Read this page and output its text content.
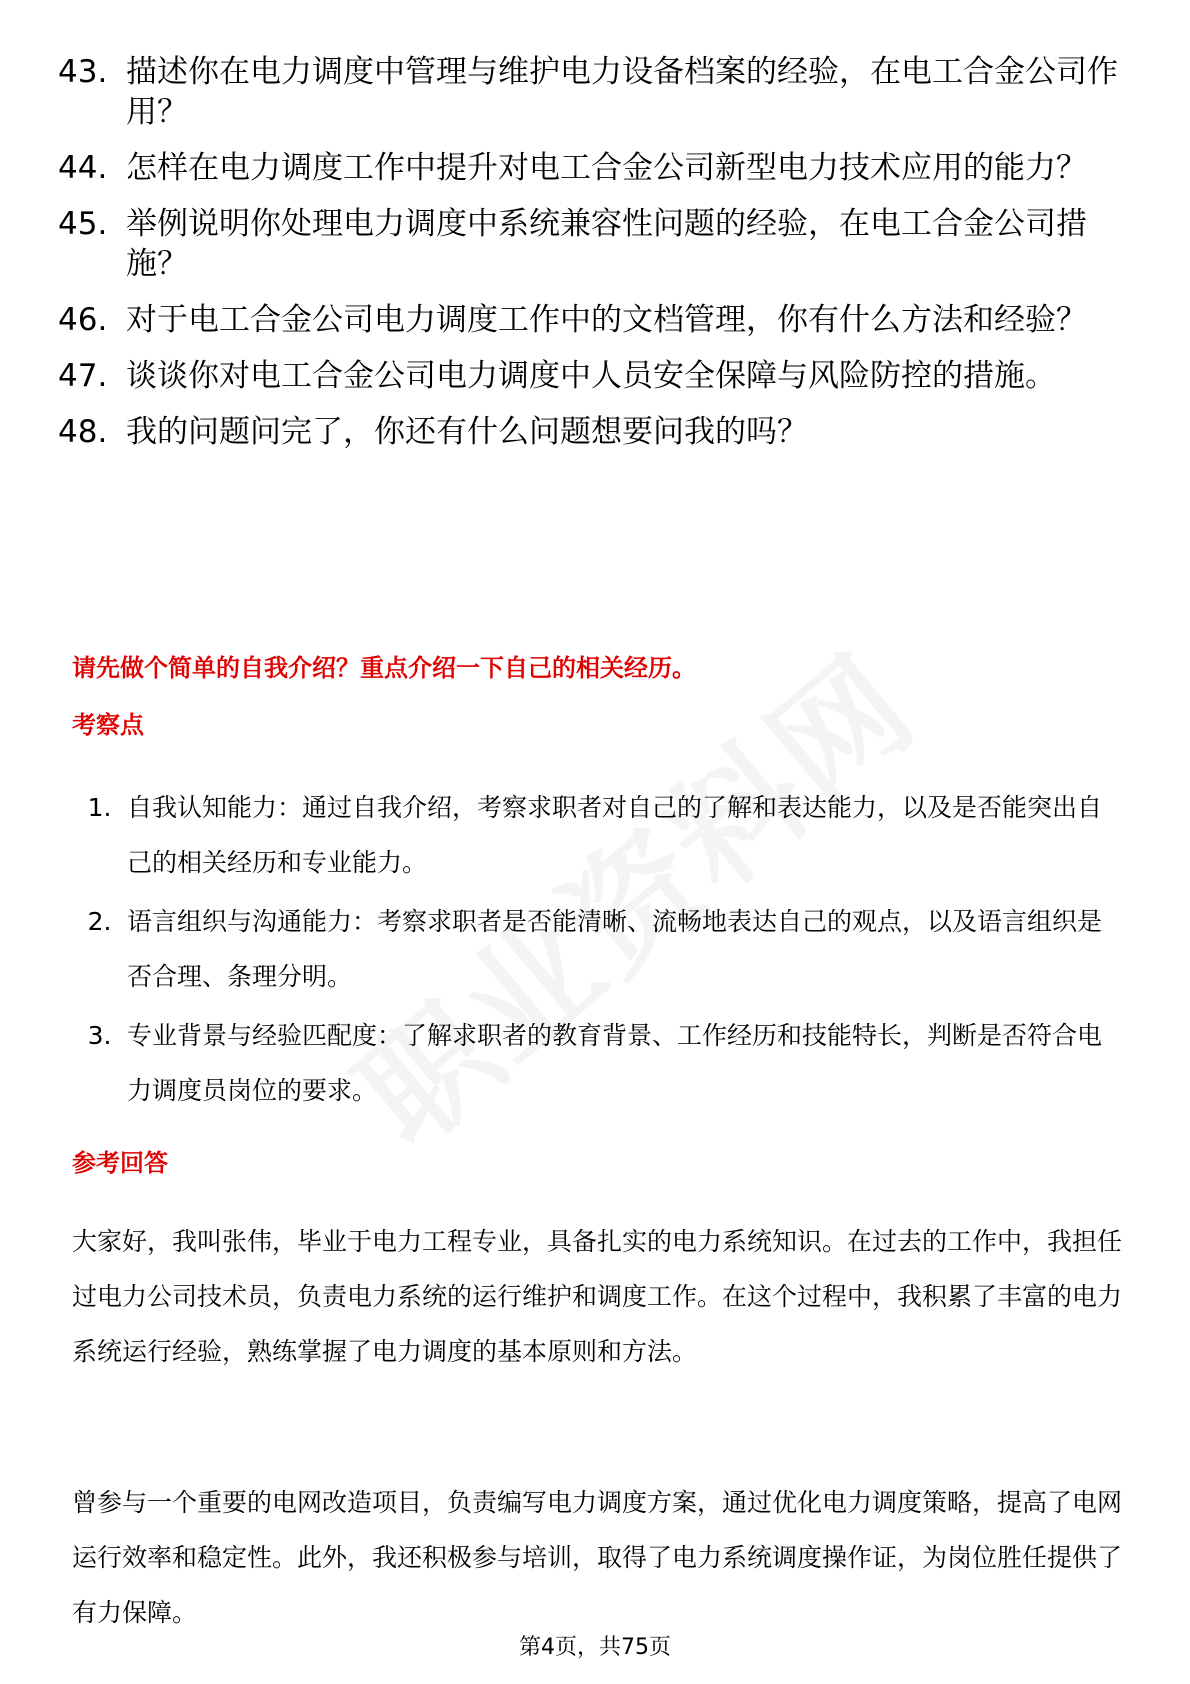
43. 描述你在电力调度中管理与维护电力设备档案的经验，在电工合金公司作用？
44. 怎样在电力调度工作中提升对电工合金公司新型电力技术应用的能力？
45. 举例说明你处理电力调度中系统兼容性问题的经验，在电工合金公司措施？
46. 对于电工合金公司电力调度工作中的文档管理，你有什么方法和经验？
47. 谈谈你对电工合金公司电力调度中人员安全保障与风险防控的措施。
48. 我的问题问完了，你还有什么问题想要问我的吗？
请先做个简单的自我介绍？重点介绍一下自己的相关经历。
考察点
1. 自我认知能力：通过自我介绍，考察求职者对自己的了解和表达能力，以及是否能突出自己的相关经历和专业能力。
2. 语言组织与沟通能力：考察求职者是否能清晰、流畅地表达自己的观点，以及语言组织是否合理、条理分明。
3. 专业背景与经验匹配度：了解求职者的教育背景、工作经历和技能特长，判断是否符合电力调度员岗位的要求。
参考回答

大家好，我叫张伟，毕业于电力工程专业，具备扎实的电力系统知识。在过去的工作中，我担任过电力公司技术员，负责电力系统的运行维护和调度工作。在这个过程中，我积累了丰富的电力系统运行经验，熟练掌握了电力调度的基本原则和方法。

曾参与一个重要的电网改造项目，负责编写电力调度方案，通过优化电力调度策略，提高了电网运行效率和稳定性。此外，我还积极参与培训，取得了电力系统调度操作证，为岗位胜任提供了有力保障。

第4页，共75页
